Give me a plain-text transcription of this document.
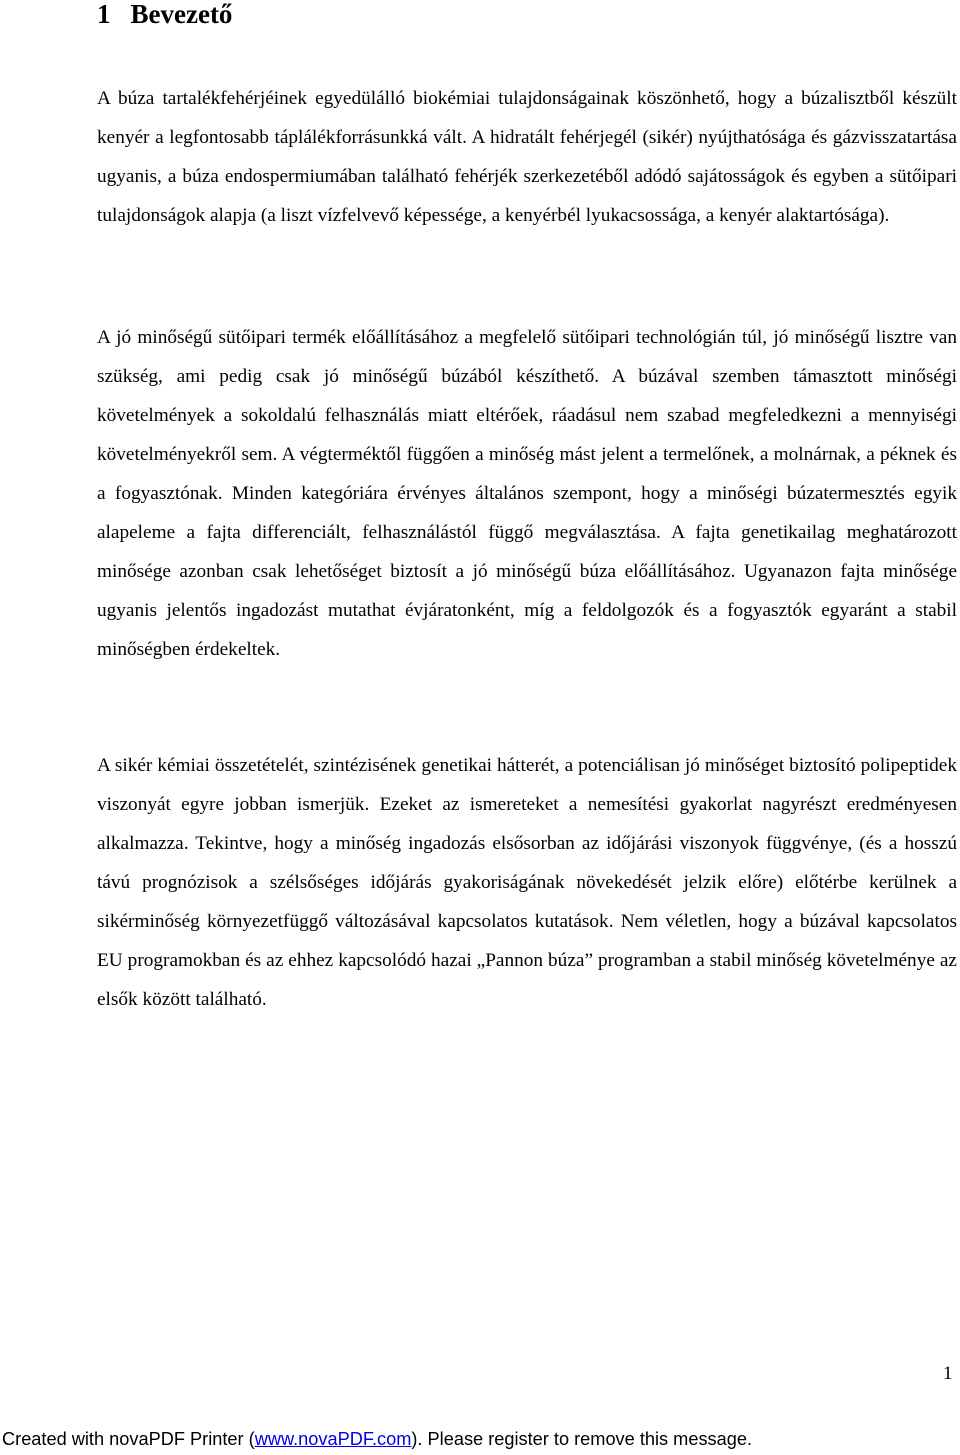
1 Bevezető

A búza tartalékfehérjéinek egyedülálló biokémiai tulajdonságainak köszönhető, hogy a búzalisztből készült kenyér a legfontosabb táplálékforrásunkká vált. A hidratált fehérjegél (sikér) nyújthatósága és gázvisszatartása ugyanis, a búza endospermiumában található fehérjék szerkezetéből adódó sajátosságok és egyben a sütőipari tulajdonságok alapja (a liszt vízfelvevő képessége, a kenyérbél lyukacsossága, a kenyér alaktartósága).

A jó minőségű sütőipari termék előállításához a megfelelő sütőipari technológián túl, jó minőségű lisztre van szükség, ami pedig csak jó minőségű búzából készíthető. A búzával szemben támasztott minőségi követelmények a sokoldalú felhasználás miatt eltérőek, ráadásul nem szabad megfeledkezni a mennyiségi követelményekről sem. A végterméktől függően a minőség mást jelent a termelőnek, a molnárnak, a péknek és a fogyasztónak. Minden kategóriára érvényes általános szempont, hogy a minőségi búzatermesztés egyik alapeleme a fajta differenciált, felhasználástól függő megválasztása. A fajta genetikailag meghatározott minősége azonban csak lehetőséget biztosít a jó minőségű búza előállításához. Ugyanazon fajta minősége ugyanis jelentős ingadozást mutathat évjáratonként, míg a feldolgozók és a fogyasztók egyaránt a stabil minőségben érdekeltek.

A sikér kémiai összetételét, szintézisének genetikai hátterét, a potenciálisan jó minőséget biztosító polipeptidek viszonyát egyre jobban ismerjük. Ezeket az ismereteket a nemesítési gyakorlat nagyrészt eredményesen alkalmazza. Tekintve, hogy a minőség ingadozás elsősorban az időjárási viszonyok függvénye, (és a hosszú távú prognózisok a szélsőséges időjárás gyakoriságának növekedését jelzik előre) előtérbe kerülnek a sikérminőség környezetfüggő változásával kapcsolatos kutatások. Nem véletlen, hogy a búzával kapcsolatos EU programokban és az ehhez kapcsolódó hazai „Pannon búza” programban a stabil minőség követelménye az elsők között található.

1
Created with novaPDF Printer (www.novaPDF.com). Please register to remove this message.
